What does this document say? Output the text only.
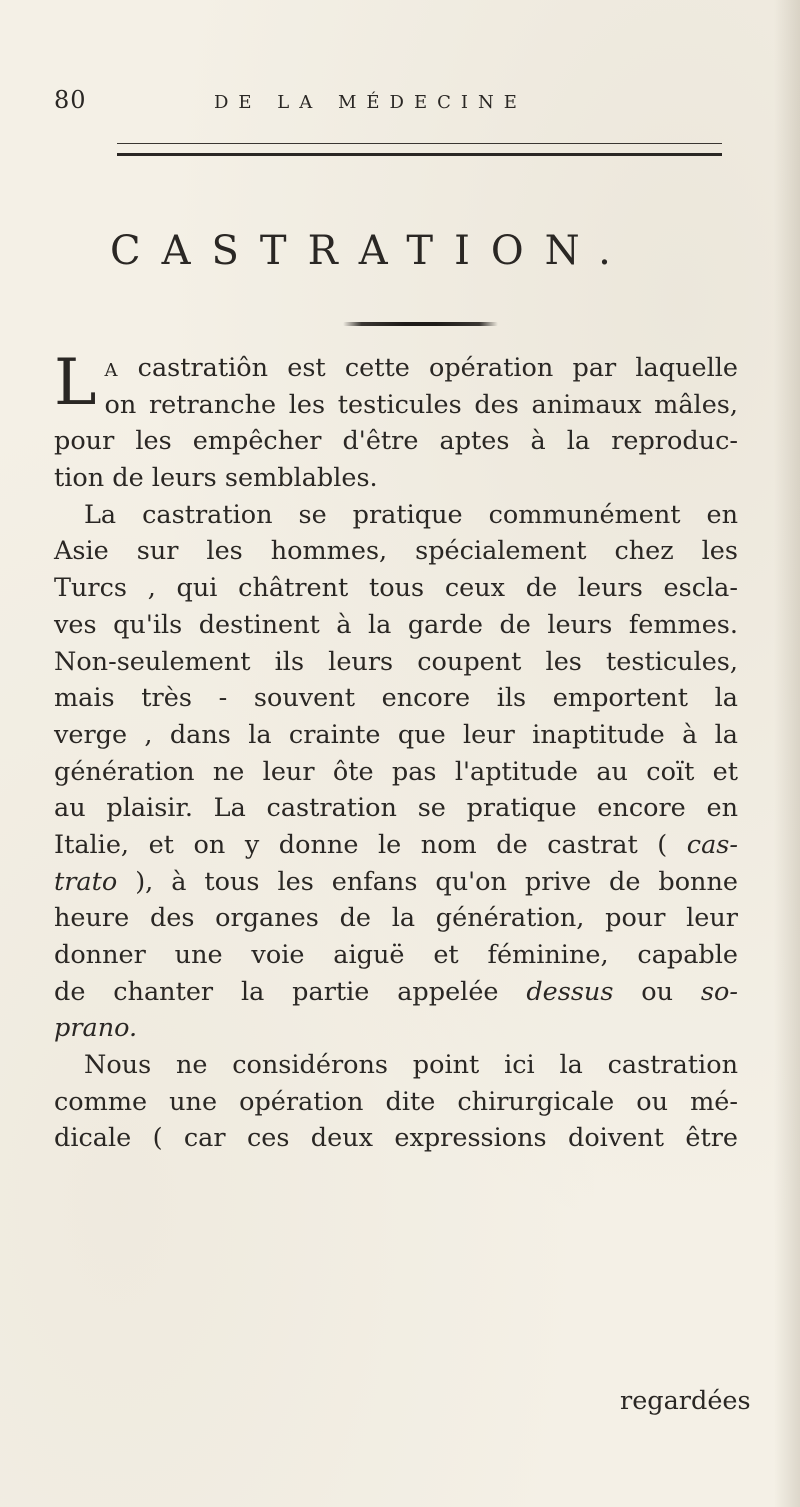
80	DE LA MÉDECINE
CASTRATION.
L A castratiôn est cette opération par laquelle
on retranche les testicules des animaux mâles,
pour les empêcher d'être aptes à la reproduc-
tion de leurs semblables.
La castration se pratique communément en
Asie sur les hommes, spécialement chez les
Turcs , qui châtrent tous ceux de leurs escla-
ves qu'ils destinent à la garde de leurs femmes.
Non-seulement ils leurs coupent les testicules,
mais très - souvent encore ils emportent la
verge , dans la crainte que leur inaptitude à la
génération ne leur ôte pas l'aptitude au coït et
au plaisir. La castration se pratique encore en
Italie, et on y donne le nom de castrat ( cas-
trato ), à tous les enfans qu'on prive de bonne
heure des organes de la génération, pour leur
donner une voie aiguë et féminine, capable
de chanter la partie appelée dessus ou so-
prano.
Nous ne considérons point ici la castration
comme une opération dite chirurgicale ou mé-
dicale ( car ces deux expressions doivent être
regardées
